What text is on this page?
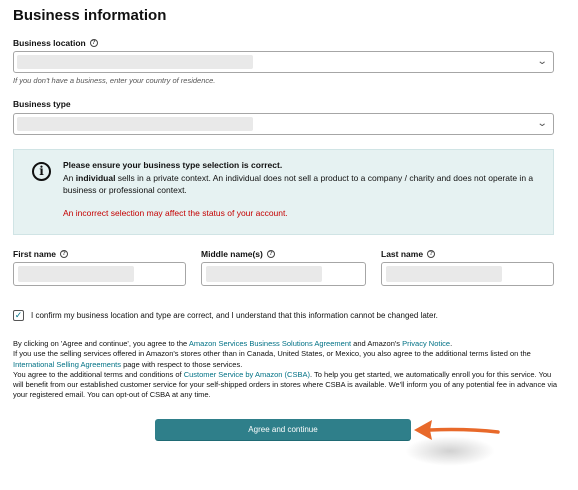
Business information
Business location	?
⌄
If you don't have a business, enter your country of residence.
Business type
⌄
i	Please ensure your business type selection is correct.
An individual sells in a private context. An individual does not sell a product to a company / charity and does not operate in a business or professional context.
An incorrect selection may affect the status of your account.
First name	?	Middle name(s)	?	Last name	?
✓ I confirm my business location and type are correct, and I understand that this information cannot be changed later.
By clicking on 'Agree and continue', you agree to the Amazon Services Business Solutions Agreement and Amazon's Privacy Notice.
If you use the selling services offered in Amazon's stores other than in Canada, United States, or Mexico, you also agree to the additional terms listed on the International Selling Agreements page with respect to those services.
You agree to the additional terms and conditions of Customer Service by Amazon (CSBA). To help you get started, we automatically enroll you for this service. You will benefit from our established customer service for your self-shipped orders in stores where CSBA is available. We'll inform you of any potential fee in advance via your registered email. You can opt-out of CSBA at any time.
Agree and continue
